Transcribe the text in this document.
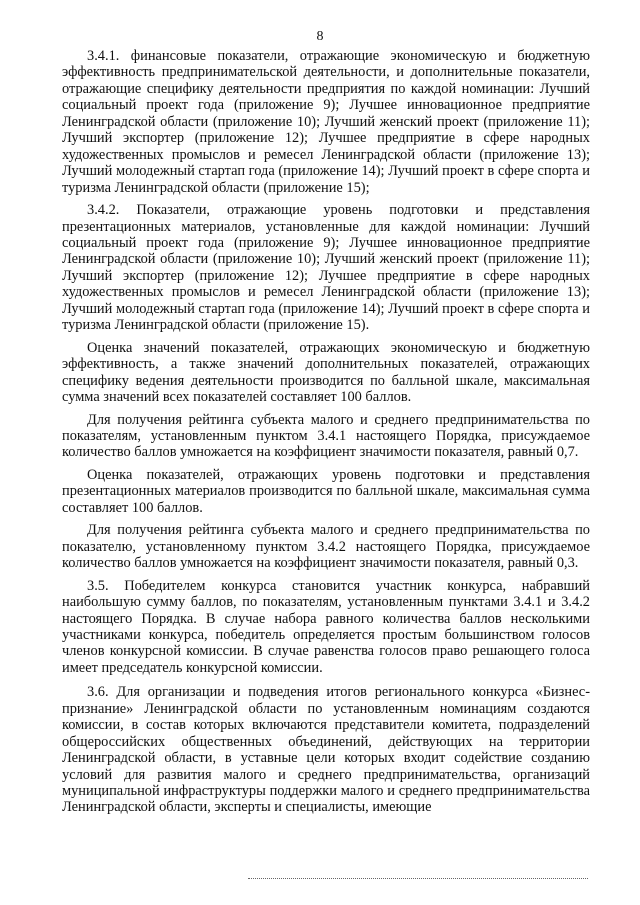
8

3.4.1. финансовые показатели, отражающие экономическую и бюджетную эффективность предпринимательской деятельности, и дополнительные показатели, отражающие специфику деятельности предприятия по каждой номинации: Лучший социальный проект года (приложение 9); Лучшее инновационное предприятие Ленинградской области (приложение 10); Лучший женский проект (приложение 11); Лучший экспортер (приложение 12); Лучшее предприятие в сфере народных художественных промыслов и ремесел Ленинградской области (приложение 13); Лучший молодежный стартап года (приложение 14); Лучший проект в сфере спорта и туризма Ленинградской области (приложение 15);

3.4.2. Показатели, отражающие уровень подготовки и представления презентационных материалов, установленные для каждой номинации: Лучший социальный проект года (приложение 9); Лучшее инновационное предприятие Ленинградской области (приложение 10); Лучший женский проект (приложение 11); Лучший экспортер (приложение 12); Лучшее предприятие в сфере народных художественных промыслов и ремесел Ленинградской области (приложение 13); Лучший молодежный стартап года (приложение 14); Лучший проект в сфере спорта и туризма Ленинградской области (приложение 15).

Оценка значений показателей, отражающих экономическую и бюджетную эффективность, а также значений дополнительных показателей, отражающих специфику ведения деятельности производится по балльной шкале, максимальная сумма значений всех показателей составляет 100 баллов.

Для получения рейтинга субъекта малого и среднего предпринимательства по показателям, установленным пунктом 3.4.1 настоящего Порядка, присуждаемое количество баллов умножается на коэффициент значимости показателя, равный 0,7.

Оценка показателей, отражающих уровень подготовки и представления презентационных материалов производится по балльной шкале, максимальная сумма составляет 100 баллов.

Для получения рейтинга субъекта малого и среднего предпринимательства по показателю, установленному пунктом 3.4.2 настоящего Порядка, присуждаемое количество баллов умножается на коэффициент значимости показателя, равный 0,3.

3.5. Победителем конкурса становится участник конкурса, набравший наибольшую сумму баллов, по показателям, установленным пунктами 3.4.1 и 3.4.2 настоящего Порядка. В случае набора равного количества баллов несколькими участниками конкурса, победитель определяется простым большинством голосов членов конкурсной комиссии. В случае равенства голосов право решающего голоса имеет председатель конкурсной комиссии.

3.6. Для организации и подведения итогов регионального конкурса «Бизнес-признание» Ленинградской области по установленным номинациям создаются комиссии, в состав которых включаются представители комитета, подразделений общероссийских общественных объединений, действующих на территории Ленинградской области, в уставные цели которых входит содействие созданию условий для развития малого и среднего предпринимательства, организаций муниципальной инфраструктуры поддержки малого и среднего предпринимательства Ленинградской области, эксперты и специалисты, имеющие
